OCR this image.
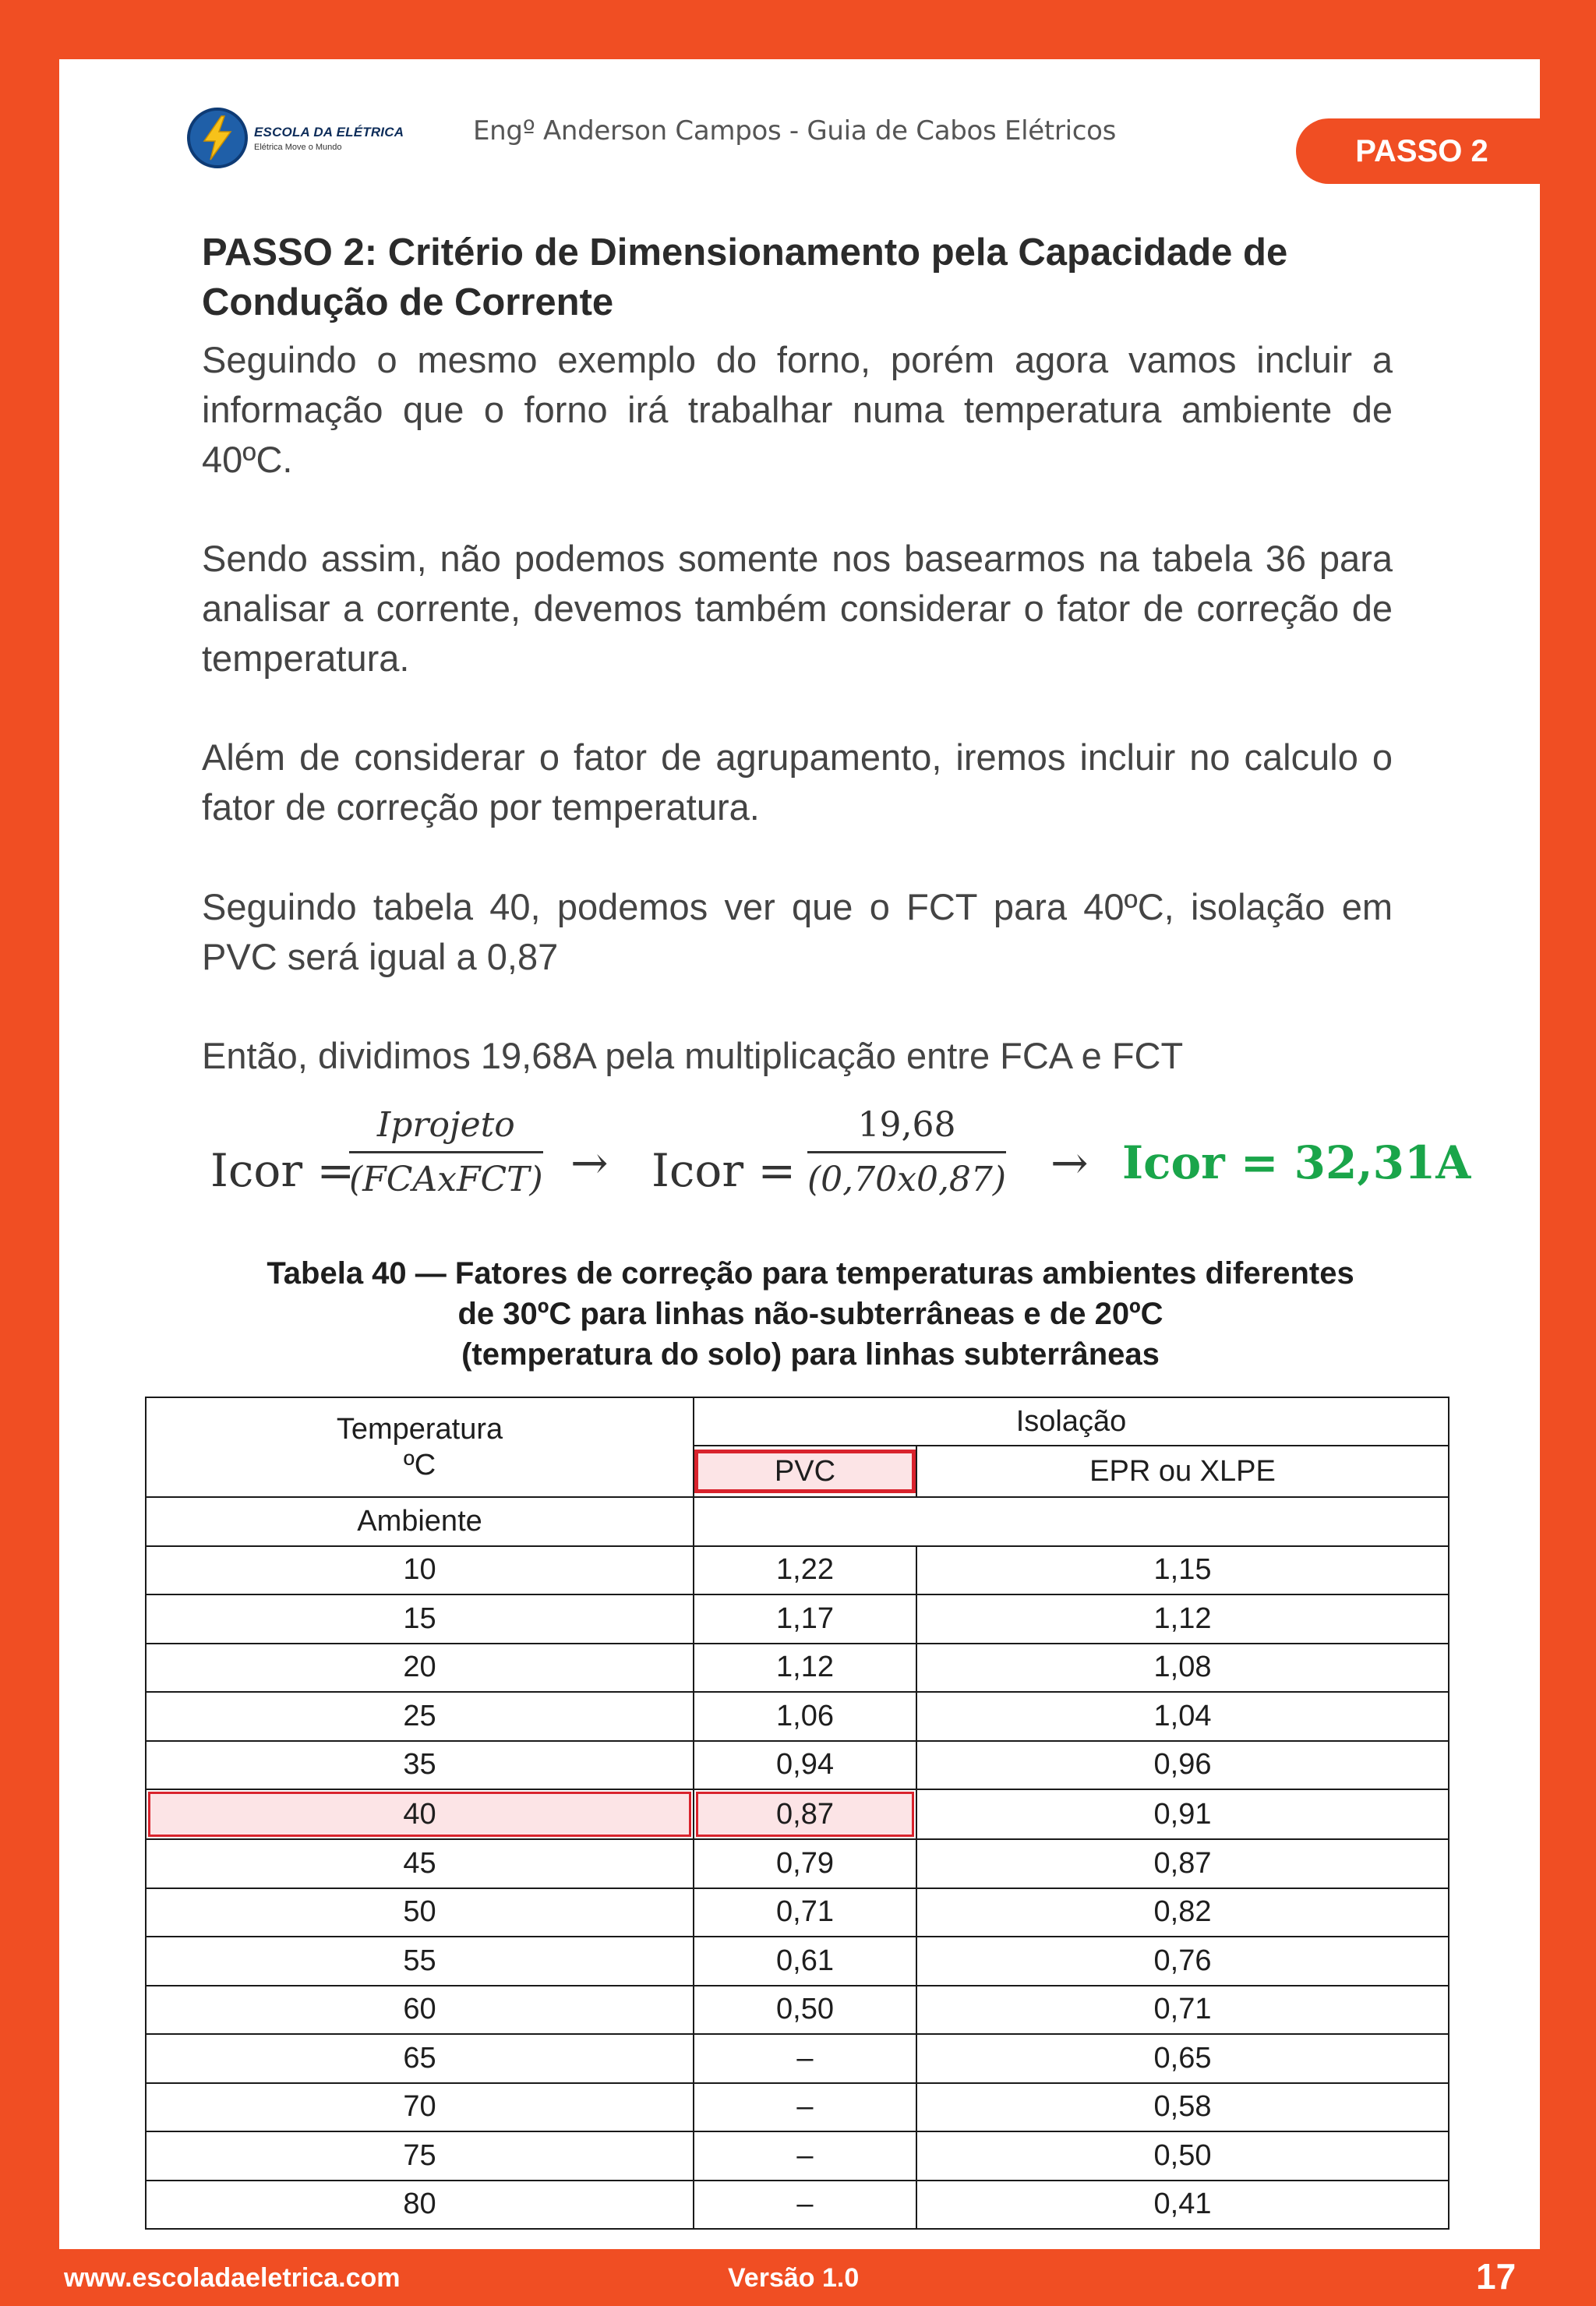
ESCOLA DA ELÉTRICA
Elétrica Move o Mundo
Engº Anderson Campos - Guia de Cabos Elétricos
PASSO 2
PASSO 2: Critério de Dimensionamento pela Capacidade de Condução de Corrente
Seguindo o mesmo exemplo do forno, porém agora vamos incluir a informação que o forno irá trabalhar numa temperatura ambiente de 40ºC.
Sendo assim, não podemos somente nos basearmos na tabela 36 para analisar a corrente, devemos também considerar o fator de correção de temperatura.
Além de considerar o fator de agrupamento, iremos incluir no calculo o fator de correção por temperatura.
Seguindo tabela 40, podemos ver que o FCT para 40ºC, isolação em PVC será igual a 0,87
Então, dividimos 19,68A pela multiplicação entre FCA e FCT
Icor =
Iprojeto
(FCAxFCT) → Icor = $\frac{19,68}{(0,70x0,87)}$ → Icor = 32,31A
Tabela 40 — Fatores de correção para temperaturas ambientes diferentes
de 30ºC para linhas não-subterrâneas e de 20ºC
(temperatura do solo) para linhas subterrâneas
Temperatura
ºC	Isolação	

PVC	EPR ou XLPE
Ambiente		

10	1,22	1,15

15	1,17	1,12

20	1,12	1,08

25	1,06	1,04

35	0,94	0,96

40	0,87	0,91

45	0,79	0,87

50	0,71	0,82

55	0,61	0,76

60	0,50	0,71

65	–	0,65

70	–	0,58

75	–	0,50

80	–	0,41
www.escoladaeletrica.com	Versão 1.0	17
